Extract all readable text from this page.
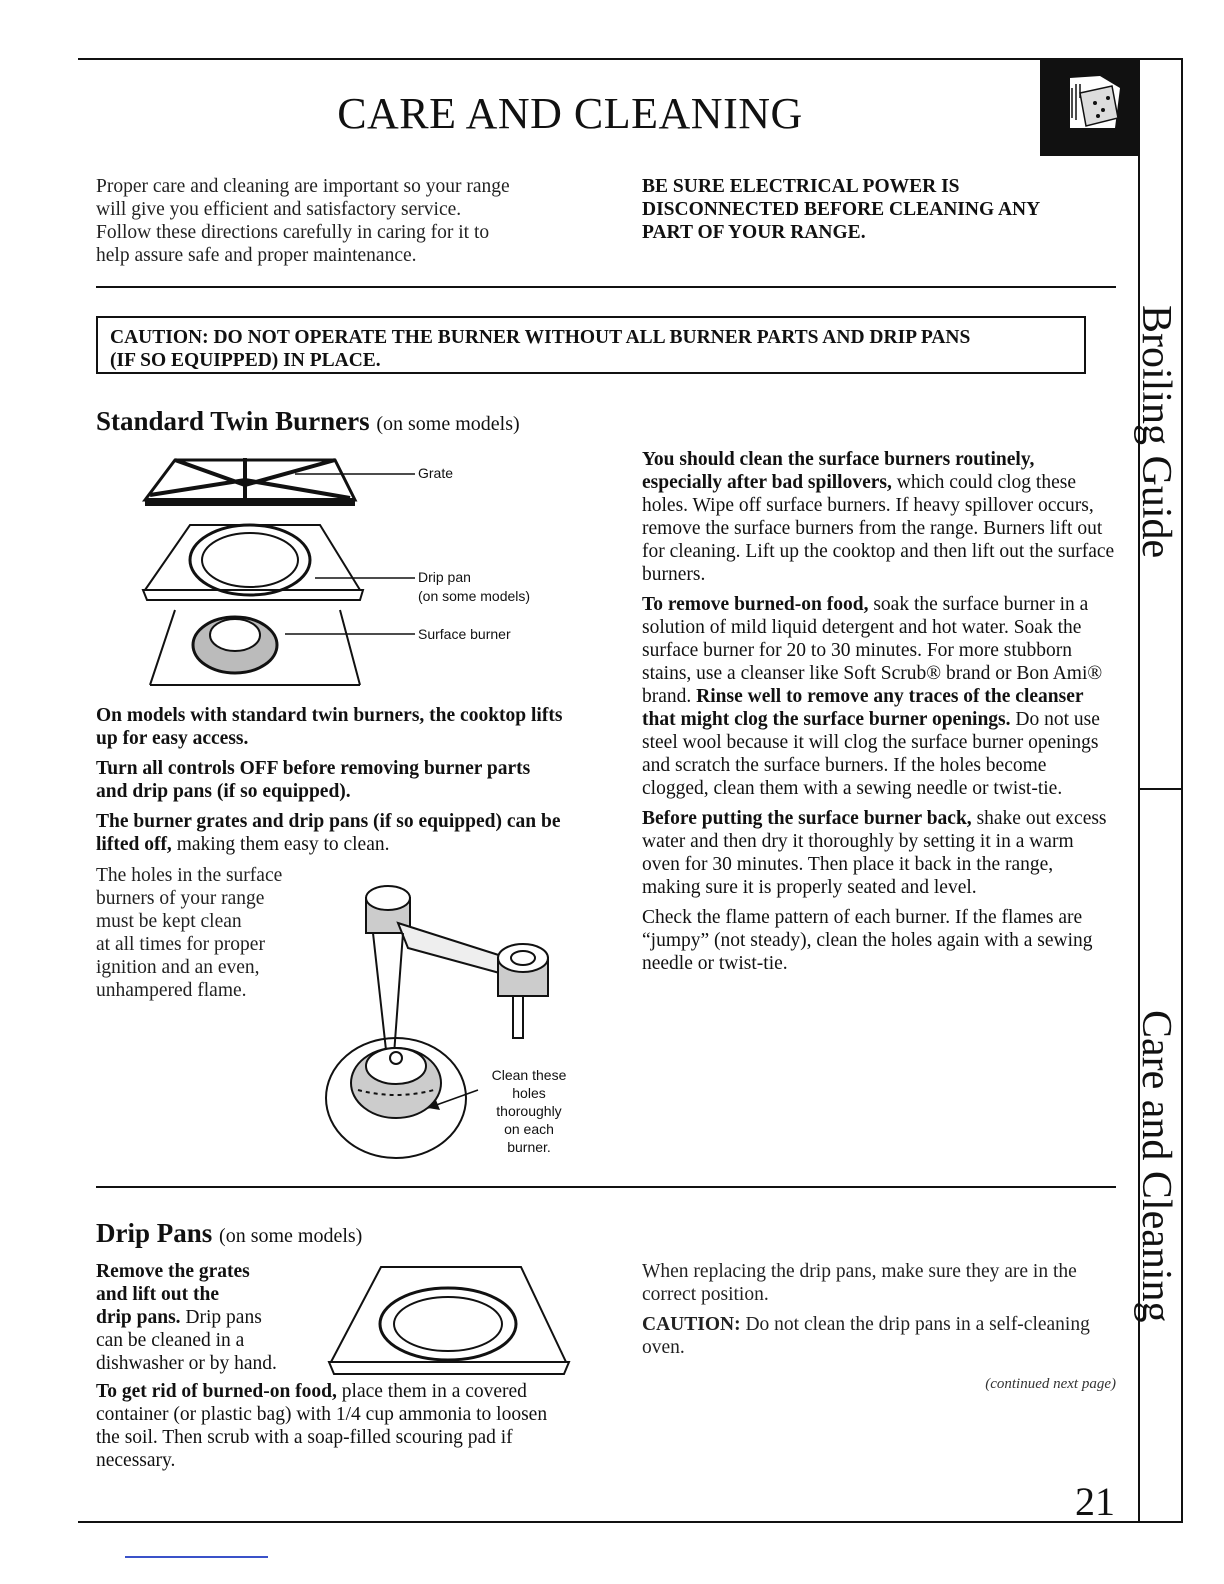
CARE AND CLEANING
Proper care and cleaning are important so your range
will give you efficient and satisfactory service.
Follow these directions carefully in caring for it to
help assure safe and proper maintenance.
BE SURE ELECTRICAL POWER IS
DISCONNECTED BEFORE CLEANING ANY
PART OF YOUR RANGE.
CAUTION: DO NOT OPERATE THE BURNER WITHOUT ALL BURNER PARTS AND DRIP PANS
(IF SO EQUIPPED) IN PLACE.
Standard Twin Burners (on some models)
Grate
Drip pan
(on some models)
Surface burner

On models with standard twin burners, the cooktop lifts up for easy access.

Turn all controls OFF before removing burner parts and drip pans (if so equipped).

The burner grates and drip pans (if so equipped) can be lifted off, making them easy to clean.

The holes in the surface
burners of your range
must be kept clean
at all times for proper
ignition and an even,
unhampered flame.
Clean these
holes
thoroughly
on each
burner.

You should clean the surface burners routinely, especially after bad spillovers, which could clog these holes. Wipe off surface burners. If heavy spillover occurs, remove the surface burners from the range. Burners lift out for cleaning. Lift up the cooktop and then lift out the surface burners.

To remove burned-on food, soak the surface burner in a solution of mild liquid detergent and hot water. Soak the surface burner for 20 to 30 minutes. For more stubborn stains, use a cleanser like Soft Scrub® brand or Bon Ami® brand. Rinse well to remove any traces of the cleanser that might clog the surface burner openings. Do not use steel wool because it will clog the surface burner openings and scratch the surface burners. If the holes become clogged, clean them with a sewing needle or twist-tie.

Before putting the surface burner back, shake out excess water and then dry it thoroughly by setting it in a warm oven for 30 minutes. Then place it back in the range, making sure it is properly seated and level.

Check the flame pattern of each burner. If the flames are “jumpy” (not steady), clean the holes again with a sewing needle or twist-tie.

Drip Pans (on some models)
Remove the grates
and lift out the
drip pans. Drip pans
can be cleaned in a
dishwasher or by hand.
To get rid of burned-on food, place them in a covered container (or plastic bag) with 1/4 cup ammonia to loosen the soil. Then scrub with a soap-filled scouring pad if necessary.

When replacing the drip pans, make sure they are in the correct position.

CAUTION: Do not clean the drip pans in a self-cleaning oven.

(continued next page)
Broiling Guide
Care and Cleaning
21
